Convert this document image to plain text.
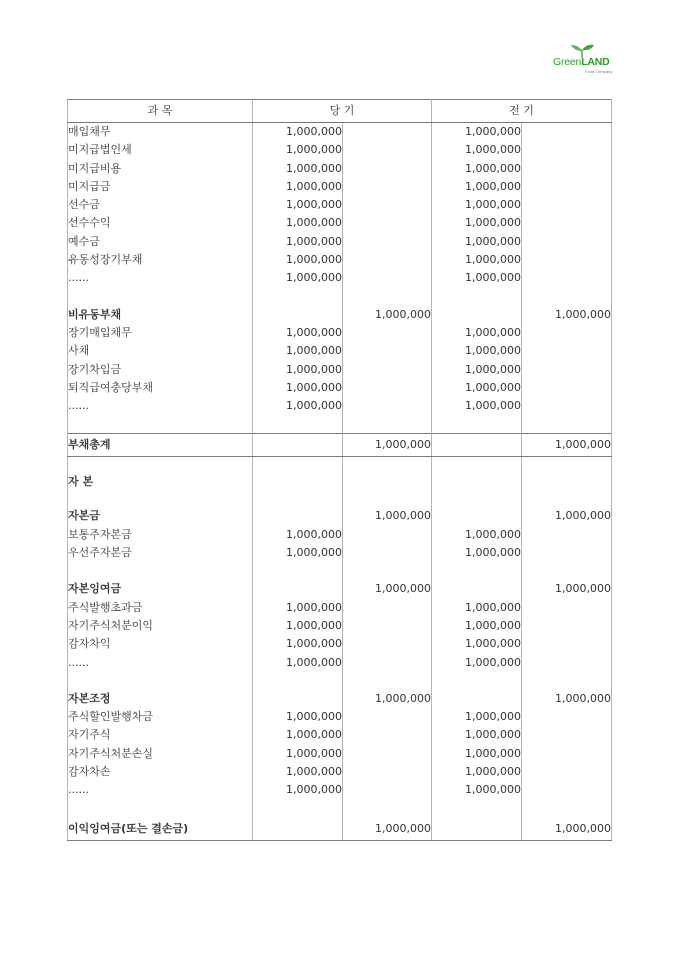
GreenLAND
Food Company
과 목	당 기		전 기	
매입채무	1,000,000		1,000,000	
미지급법인세	1,000,000		1,000,000	
미지급비용	1,000,000		1,000,000	
미지급금	1,000,000		1,000,000	
선수금	1,000,000		1,000,000	
선수수익	1,000,000		1,000,000	
예수금	1,000,000		1,000,000	
유동성장기부채	1,000,000		1,000,000	
......	1,000,000		1,000,000	

비유동부채		1,000,000		1,000,000
장기매입채무	1,000,000		1,000,000	
사채	1,000,000		1,000,000	
장기차입금	1,000,000		1,000,000	
퇴직급여충당부채	1,000,000		1,000,000	
......	1,000,000		1,000,000	

부채총계		1,000,000		1,000,000
자 본				
자본금		1,000,000		1,000,000
보통주자본금	1,000,000		1,000,000	
우선주자본금	1,000,000		1,000,000	

자본잉여금		1,000,000		1,000,000
주식발행초과금	1,000,000		1,000,000	
자기주식처분이익	1,000,000		1,000,000	
감자차익	1,000,000		1,000,000	
......	1,000,000		1,000,000	

자본조정		1,000,000		1,000,000
주식할인발행차금	1,000,000		1,000,000	
자기주식	1,000,000		1,000,000	
자기주식처분손실	1,000,000		1,000,000	
감자차손	1,000,000		1,000,000	
......	1,000,000		1,000,000	

이익잉여금(또는 결손금)		1,000,000		1,000,000
